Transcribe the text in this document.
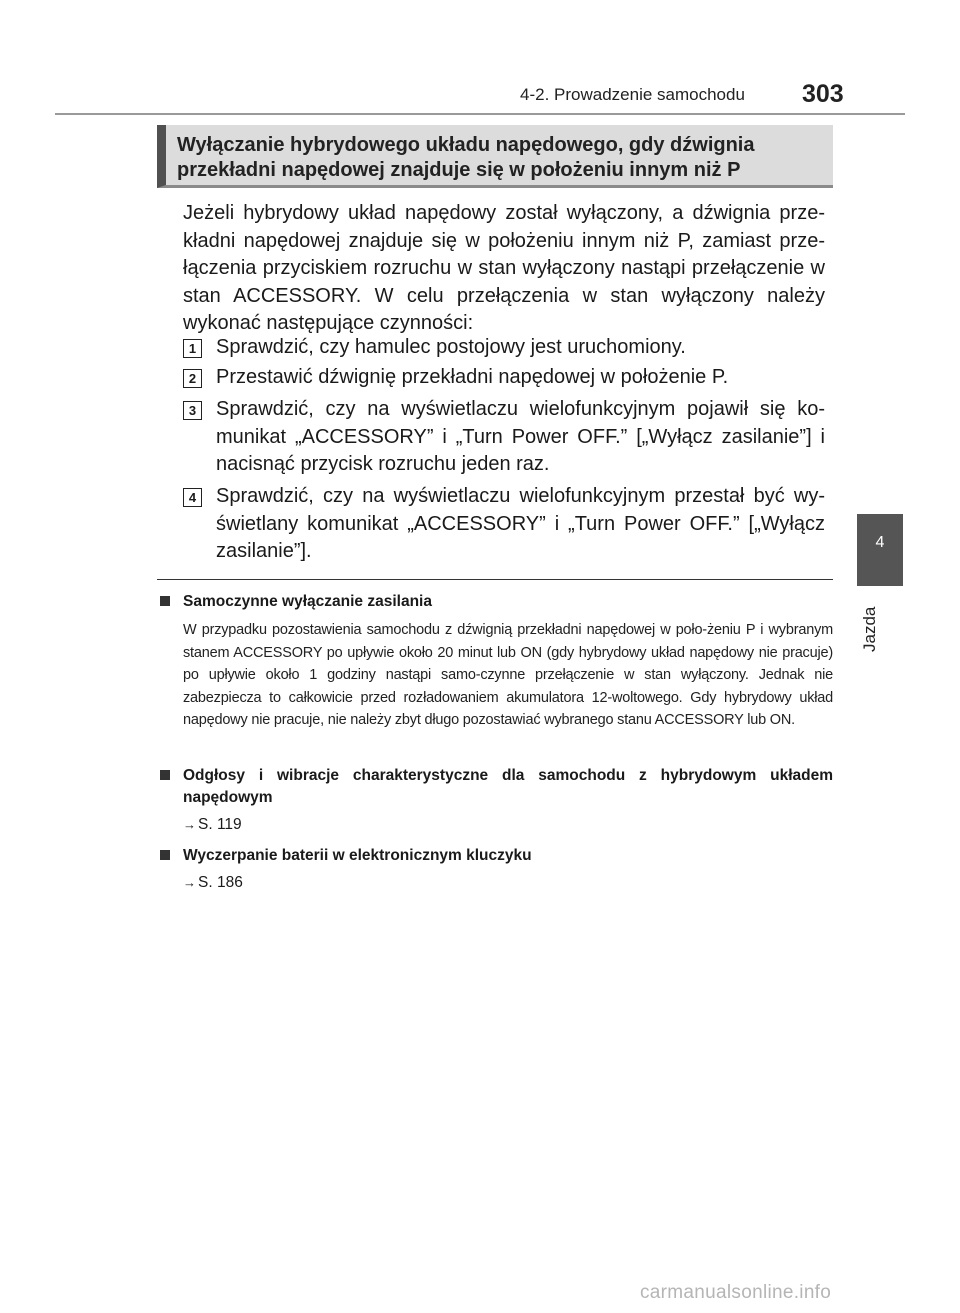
4-2. Prowadzenie samochodu 303
4
Jazda
Wyłączanie hybrydowego układu napędowego, gdy dźwignia przekładni napędowej znajduje się w położeniu innym niż P
Jeżeli hybrydowy układ napędowy został wyłączony, a dźwignia prze-kładni napędowej znajduje się w położeniu innym niż P, zamiast prze-łączenia przyciskiem rozruchu w stan wyłączony nastąpi przełączenie w stan ACCESSORY. W celu przełączenia w stan wyłączony należy wykonać następujące czynności:
1 Sprawdzić, czy hamulec postojowy jest uruchomiony.
2 Przestawić dźwignię przekładni napędowej w położenie P.
3 Sprawdzić, czy na wyświetlaczu wielofunkcyjnym pojawił się ko-munikat „ACCESSORY” i „Turn Power OFF.” [„Wyłącz zasilanie”] i nacisnąć przycisk rozruchu jeden raz.
4 Sprawdzić, czy na wyświetlaczu wielofunkcyjnym przestał być wy-świetlany komunikat „ACCESSORY” i „Turn Power OFF.” [„Wyłącz zasilanie”].
Samoczynne wyłączanie zasilania
W przypadku pozostawienia samochodu z dźwignią przekładni napędowej w poło-żeniu P i wybranym stanem ACCESSORY po upływie około 20 minut lub ON (gdy hybrydowy układ napędowy nie pracuje) po upływie około 1 godziny nastąpi samo-czynne przełączenie w stan wyłączony. Jednak nie zabezpiecza to całkowicie przed rozładowaniem akumulatora 12-woltowego. Gdy hybrydowy układ napędowy nie pracuje, nie należy zbyt długo pozostawiać wybranego stanu ACCESSORY lub ON.
Odgłosy i wibracje charakterystyczne dla samochodu z hybrydowym układem napędowym
→ S. 119
Wyczerpanie baterii w elektronicznym kluczyku
→ S. 186
carmanualsonline.info
